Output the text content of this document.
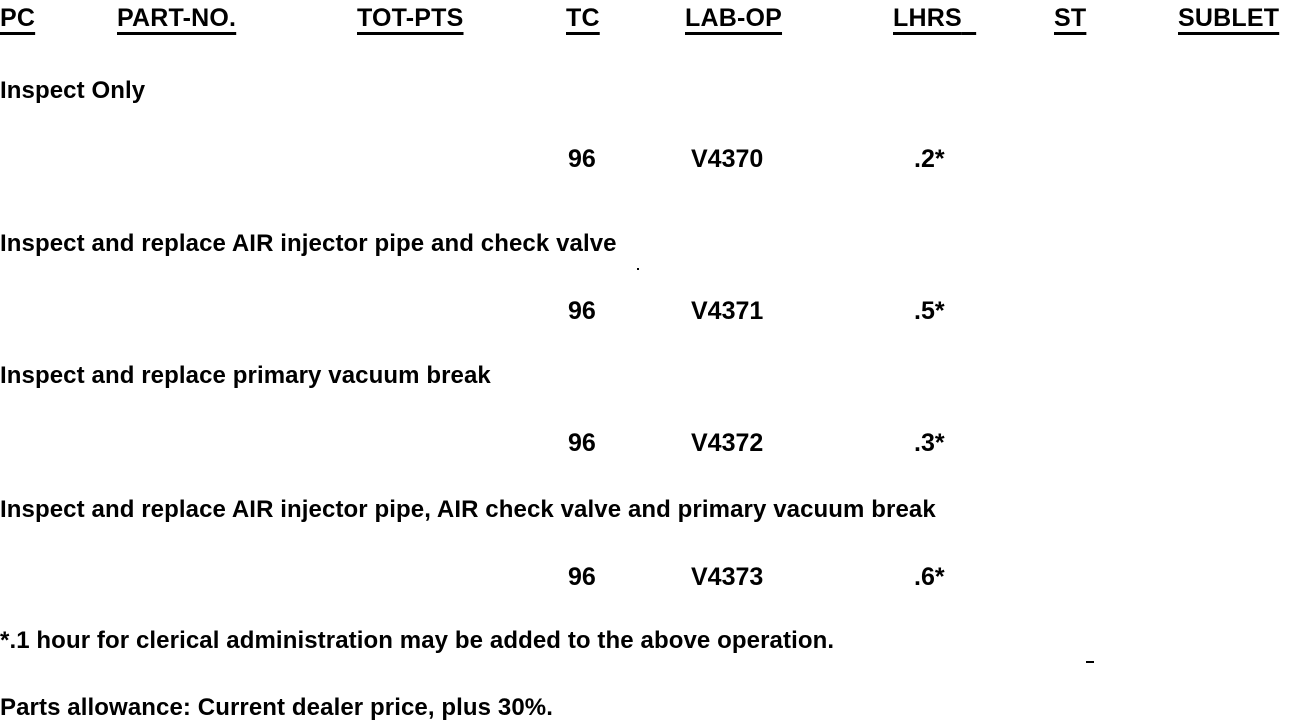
PC	PART-NO.	TOT-PTS	TC	LAB-OP	LHRS	ST	SUBLET
Inspect Only
96	V4370	.2*
Inspect and replace AIR injector pipe and check valve
96	V4371	.5*
Inspect and replace primary vacuum break
96	V4372	.3*
Inspect and replace AIR injector pipe, AIR check valve and primary vacuum break
96	V4373	.6*
*.1 hour for clerical administration may be added to the above operation.
Parts allowance: Current dealer price, plus 30%.
